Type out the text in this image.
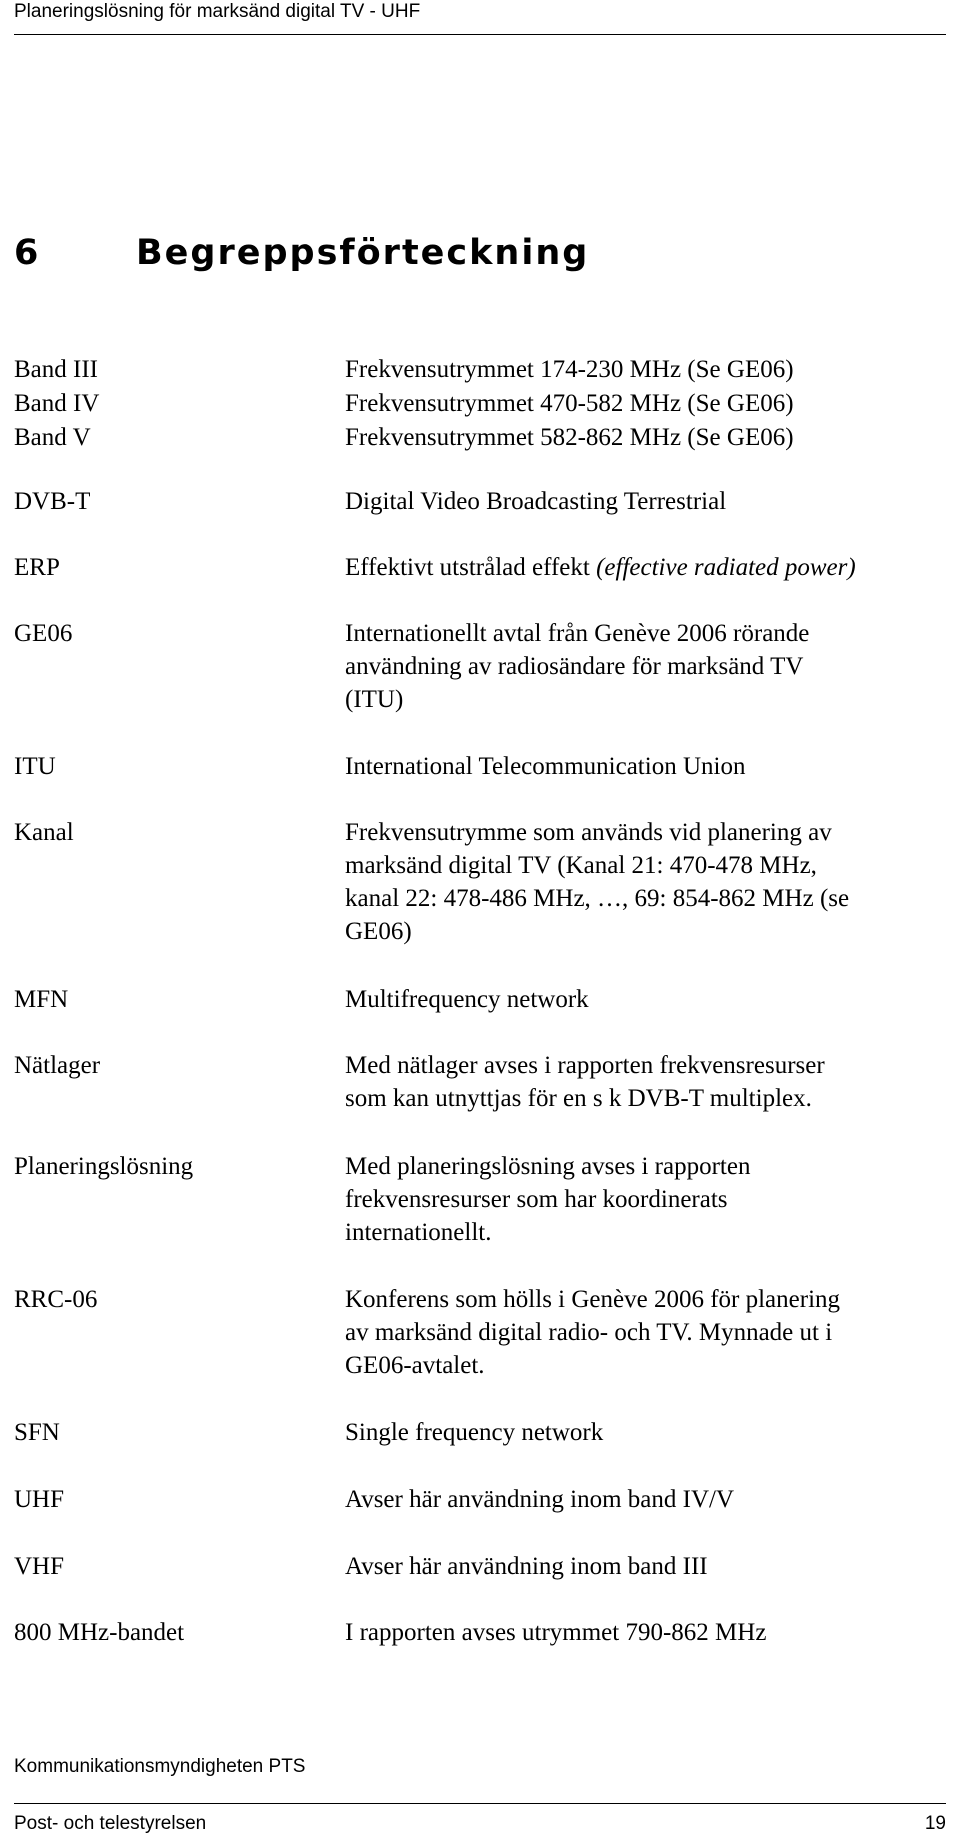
Planeringslösning för marksänd digital TV - UHF
6	Begreppsförteckning
Band III	Frekvensutrymmet 174-230 MHz (Se GE06)
Band IV	Frekvensutrymmet 470-582 MHz (Se GE06)
Band V	Frekvensutrymmet 582-862 MHz (Se GE06)
DVB-T	Digital Video Broadcasting Terrestrial
ERP	Effektivt utstrålad effekt (effective radiated power)
GE06	Internationellt avtal från Genève 2006 rörande
användning av radiosändare för marksänd TV
(ITU)
ITU	International Telecommunication Union
Kanal	Frekvensutrymme som används vid planering av
marksänd digital TV (Kanal 21: 470-478 MHz,
kanal 22: 478-486 MHz, …, 69: 854-862 MHz (se
GE06)
MFN	Multifrequency network
Nätlager	Med nätlager avses i rapporten frekvensresurser
som kan utnyttjas för en s k DVB-T multiplex.
Planeringslösning	Med planeringslösning avses i rapporten
frekvensresurser som har koordinerats
internationellt.
RRC-06	Konferens som hölls i Genève 2006 för planering
av marksänd digital radio- och TV. Mynnade ut i
GE06-avtalet.
SFN	Single frequency network
UHF	Avser här användning inom band IV/V
VHF	Avser här användning inom band III
800 MHz-bandet	I rapporten avses utrymmet 790-862 MHz
Kommunikationsmyndigheten PTS
Post- och telestyrelsen	19
